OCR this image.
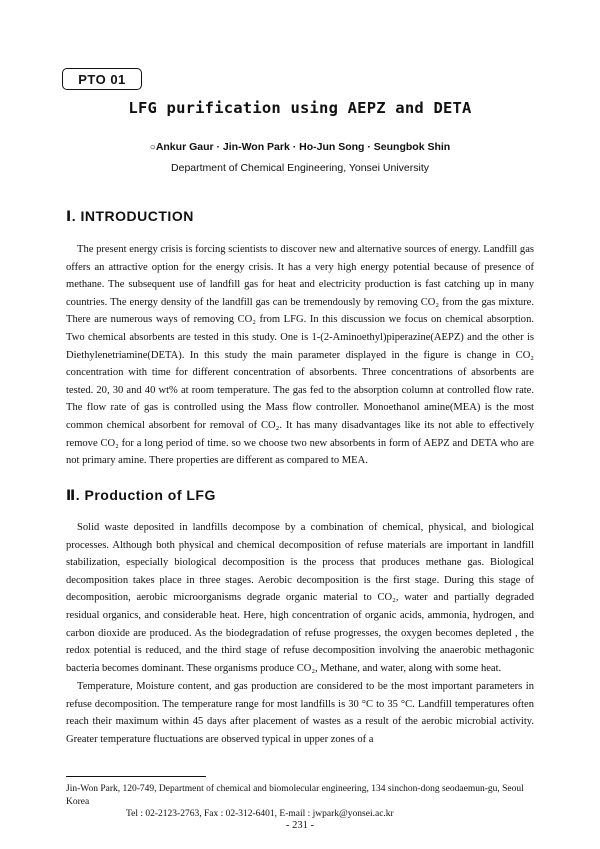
PTO 01
LFG purification using AEPZ and DETA
○Ankur Gaur · Jin-Won Park · Ho-Jun Song · Seungbok Shin
Department of Chemical Engineering, Yonsei University
Ⅰ. INTRODUCTION

The present energy crisis is forcing scientists to discover new and alternative sources of energy. Landfill gas offers an attractive option for the energy crisis. It has a very high energy potential because of presence of methane. The subsequent use of landfill gas for heat and electricity production is fast catching up in many countries. The energy density of the landfill gas can be tremendously by removing CO₂ from the gas mixture. There are numerous ways of removing CO₂ from LFG. In this discussion we focus on chemical absorption. Two chemical absorbents are tested in this study. One is 1-(2-Aminoethyl)piperazine(AEPZ) and the other is Diethylenetriamine(DETA). In this study the main parameter displayed in the figure is change in CO₂ concentration with time for different concentration of absorbents. Three concentrations of absorbents are tested. 20, 30 and 40 wt% at room temperature. The gas fed to the absorption column at controlled flow rate. The flow rate of gas is controlled using the Mass flow controller. Monoethanol amine(MEA) is the most common chemical absorbent for removal of CO₂. It has many disadvantages like its not able to effectively remove CO₂ for a long period of time. so we choose two new absorbents in form of AEPZ and DETA who are not primary amine. There properties are different as compared to MEA.

Ⅱ. Production of LFG

Solid waste deposited in landfills decompose by a combination of chemical, physical, and biological processes. Although both physical and chemical decomposition of refuse materials are important in landfill stabilization, especially biological decomposition is the process that produces methane gas. Biological decomposition takes place in three stages. Aerobic decomposition is the first stage. During this stage of decomposition, aerobic microorganisms degrade organic material to CO₂, water and partially degraded residual organics, and considerable heat. Here, high concentration of organic acids, ammonia, hydrogen, and carbon dioxide are produced. As the biodegradation of refuse progresses, the oxygen becomes depleted , the redox potential is reduced, and the third stage of refuse decomposition involving the anaerobic methagonic bacteria becomes dominant. These organisms produce CO₂, Methane, and water, along with some heat.

Temperature, Moisture content, and gas production are considered to be the most important parameters in refuse decomposition. The temperature range for most landfills is 30 °C to 35 °C. Landfill temperatures often reach their maximum within 45 days after placement of wastes as a result of the aerobic microbial activity. Greater temperature fluctuations are observed typical in upper zones of a

Jin-Won Park, 120-749, Department of chemical and biomolecular engineering, 134 sinchon-dong seodaemun-gu, Seoul Korea
Tel : 02-2123-2763, Fax : 02-312-6401, E-mail : jwpark@yonsei.ac.kr
- 231 -
